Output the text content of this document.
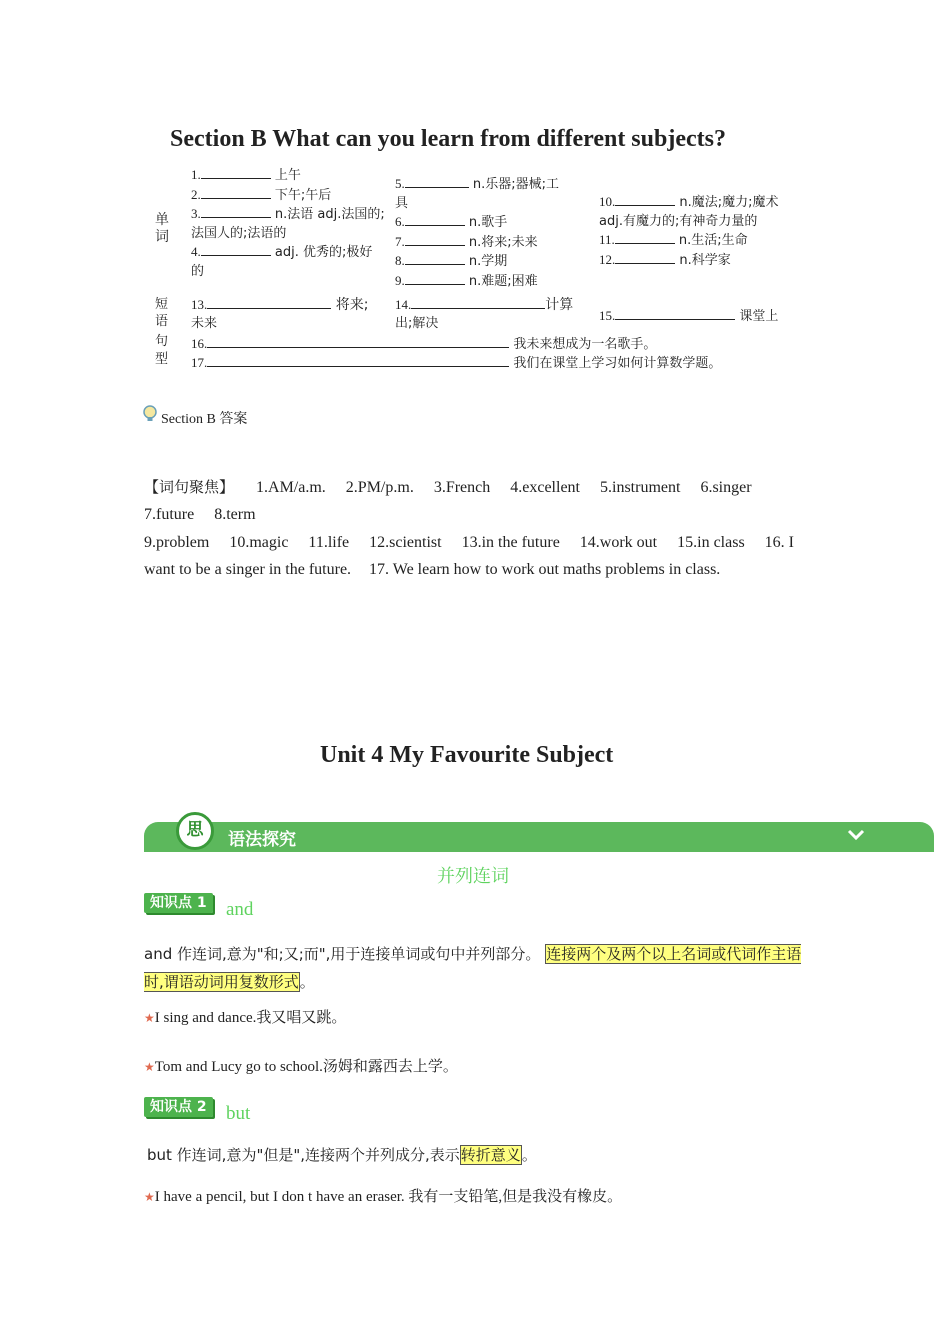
Section B What can you learn from different subjects?
单
词
短
语
句
型
1.	上午
2.	下午;午后
3.	n.法语 adj.法国的;
法国人的;法语的
4.	adj. 优秀的;极好
的
5.	n.乐器;器械;工
具
6.	n.歌手
7.	n.将来;未来
8.	n.学期
9.	n.难题;困难
10.	n.魔法;魔力;魔术
adj.有魔力的;有神奇力量的
11.	n.生活;生命
12.	n.科学家
13.	将来;
未来
14.	计算
出;解决	15.	课堂上
16.	我未来想成为一名歌手。
17.	我们在课堂上学习如何计算数学题。
Section B 答案
【词句聚焦】 1.AM/a.m. 2.PM/p.m. 3.French 4.excellent 5.instrument 6.singer
7.future 8.term
9.problem 10.magic 11.life 12.scientist 13.in the future 14.work out 15.in class 16. I want to be a singer in the future. 17. We learn how to work out maths problems in class.
Unit 4 My Favourite Subject
思	语法探究
并列连词
知识点 1	and
and 作连词,意为"和;又;而",用于连接单词或句中并列部分。 连接两个及两个以上名词或代词作主语时,谓语动词用复数形式。
★I sing and dance.我又唱又跳。
★Tom and Lucy go to school.汤姆和露西去上学。
知识点 2	but
but 作连词,意为"但是",连接两个并列成分,表示转折意义。
★I have a pencil, but I don t have an eraser. 我有一支铅笔,但是我没有橡皮。
